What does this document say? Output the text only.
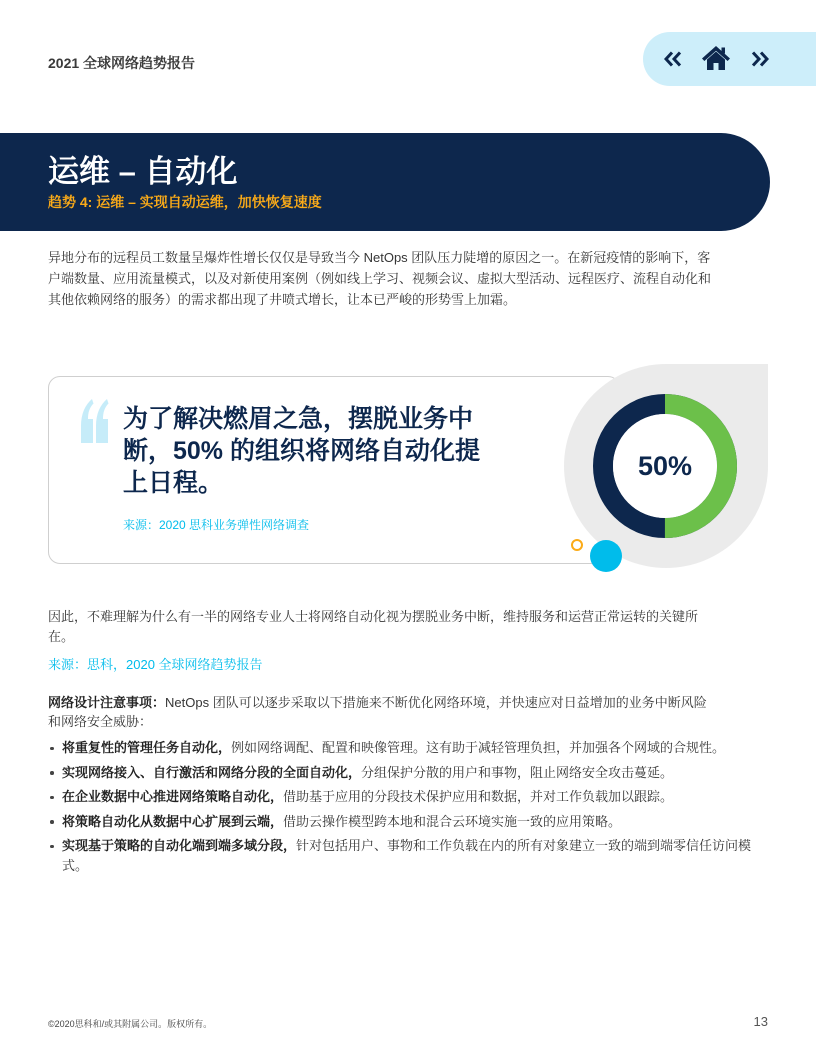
2021 全球网络趋势报告
运维 – 自动化
趋势 4: 运维 – 实现自动运维，加快恢复速度
异地分布的远程员工数量呈爆炸性增长仅仅是导致当今 NetOps 团队压力陡增的原因之一。在新冠疫情的影响下，客
户端数量、应用流量模式，以及对新使用案例（例如线上学习、视频会议、虚拟大型活动、远程医疗、流程自动化和
其他依赖网络的服务）的需求都出现了井喷式增长，让本已严峻的形势雪上加霜。
为了解决燃眉之急，摆脱业务中
断，50% 的组织将网络自动化提
上日程。
来源：2020 思科业务弹性网络调查
50%
因此，不难理解为什么有一半的网络专业人士将网络自动化视为摆脱业务中断，维持服务和运营正常运转的关键所
在。
来源：思科，2020 全球网络趋势报告
网络设计注意事项：NetOps 团队可以逐步采取以下措施来不断优化网络环境，并快速应对日益增加的业务中断风险
和网络安全威胁：
将重复性的管理任务自动化，例如网络调配、配置和映像管理。这有助于减轻管理负担，并加强各个网域的合规性。
实现网络接入、自行激活和网络分段的全面自动化，分组保护分散的用户和事物，阻止网络安全攻击蔓延。
在企业数据中心推进网络策略自动化，借助基于应用的分段技术保护应用和数据，并对工作负载加以跟踪。
将策略自动化从数据中心扩展到云端，借助云操作模型跨本地和混合云环境实施一致的应用策略。
实现基于策略的自动化端到端多域分段，针对包括用户、事物和工作负载在内的所有对象建立一致的端到端零信任访问模式。
©2020思科和/或其附属公司。版权所有。	13
